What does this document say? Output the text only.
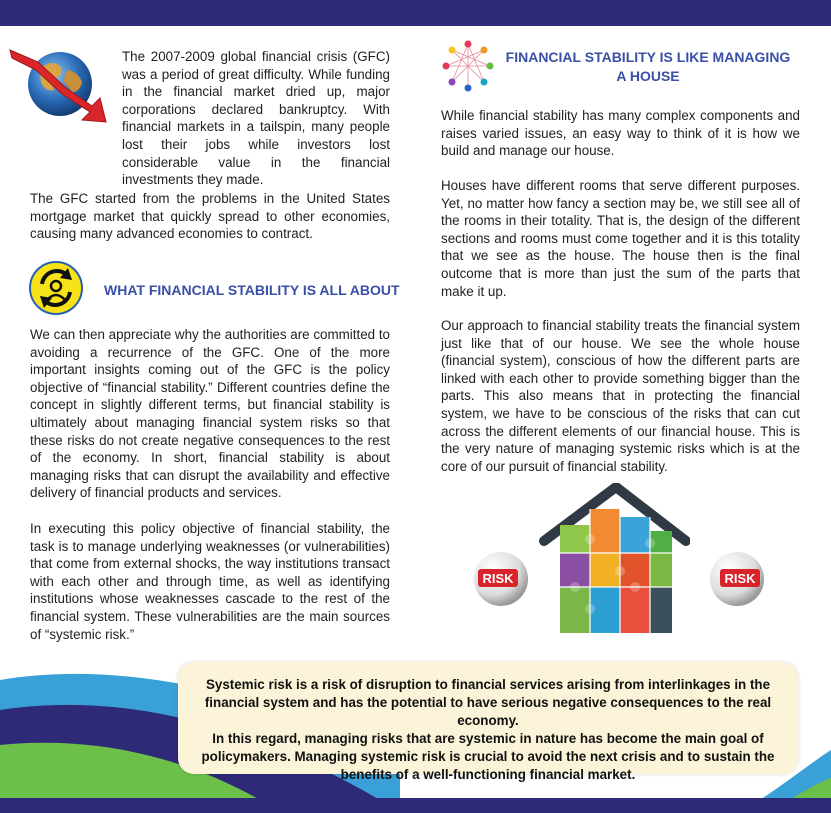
The 2007-2009 global financial crisis (GFC) was a period of great difficulty. While funding in the financial market dried up, major corporations declared bankruptcy. With financial markets in a tailspin, many people lost their jobs while investors lost considerable value in the financial investments they made.

The GFC started from the problems in the United States mortgage market that quickly spread to other economies, causing many advanced economies to contract.

WHAT FINANCIAL STABILITY IS ALL ABOUT

We can then appreciate why the authorities are committed to avoiding a recurrence of the GFC. One of the more important insights coming out of the GFC is the policy objective of “financial stability.” Different countries define the concept in slightly different terms, but financial stability is ultimately about managing financial system risks so that these risks do not create negative consequences to the rest of the economy. In short, financial stability is about managing risks that can disrupt the availability and effective delivery of financial products and services.

In executing this policy objective of financial stability, the task is to manage underlying weaknesses (or vulnerabilities) that come from external shocks, the way institutions transact with each other and through time, as well as identifying institutions whose weaknesses cascade to the rest of the financial system. These vulnerabilities are the main sources of “systemic risk.”

FINANCIAL STABILITY IS LIKE MANAGING
A HOUSE

While financial stability has many complex components and raises varied issues, an easy way to think of it is how we build and manage our house.

Houses have different rooms that serve different purposes. Yet, no matter how fancy a section may be, we still see all of the rooms in their totality. That is, the design of the different sections and rooms must come together and it is this totality that we see as the house. The house then is the final outcome that is more than just the sum of the parts that make it up.

Our approach to financial stability treats the financial system just like that of our house. We see the whole house (financial system), conscious of how the different parts are linked with each other to provide something bigger than the parts. This also means that in protecting the financial system, we have to be conscious of the risks that can cut across the different elements of our financial house. This is the very nature of managing systemic risks which is at the core of our pursuit of financial stability.

RISK	RISK

Systemic risk is a risk of disruption to financial services arising from interlinkages in the financial system and has the potential to have serious negative consequences to the real economy.
In this regard, managing risks that are systemic in nature has become the main goal of policymakers. Managing systemic risk is crucial to avoid the next crisis and to sustain the benefits of a well-functioning financial market.
